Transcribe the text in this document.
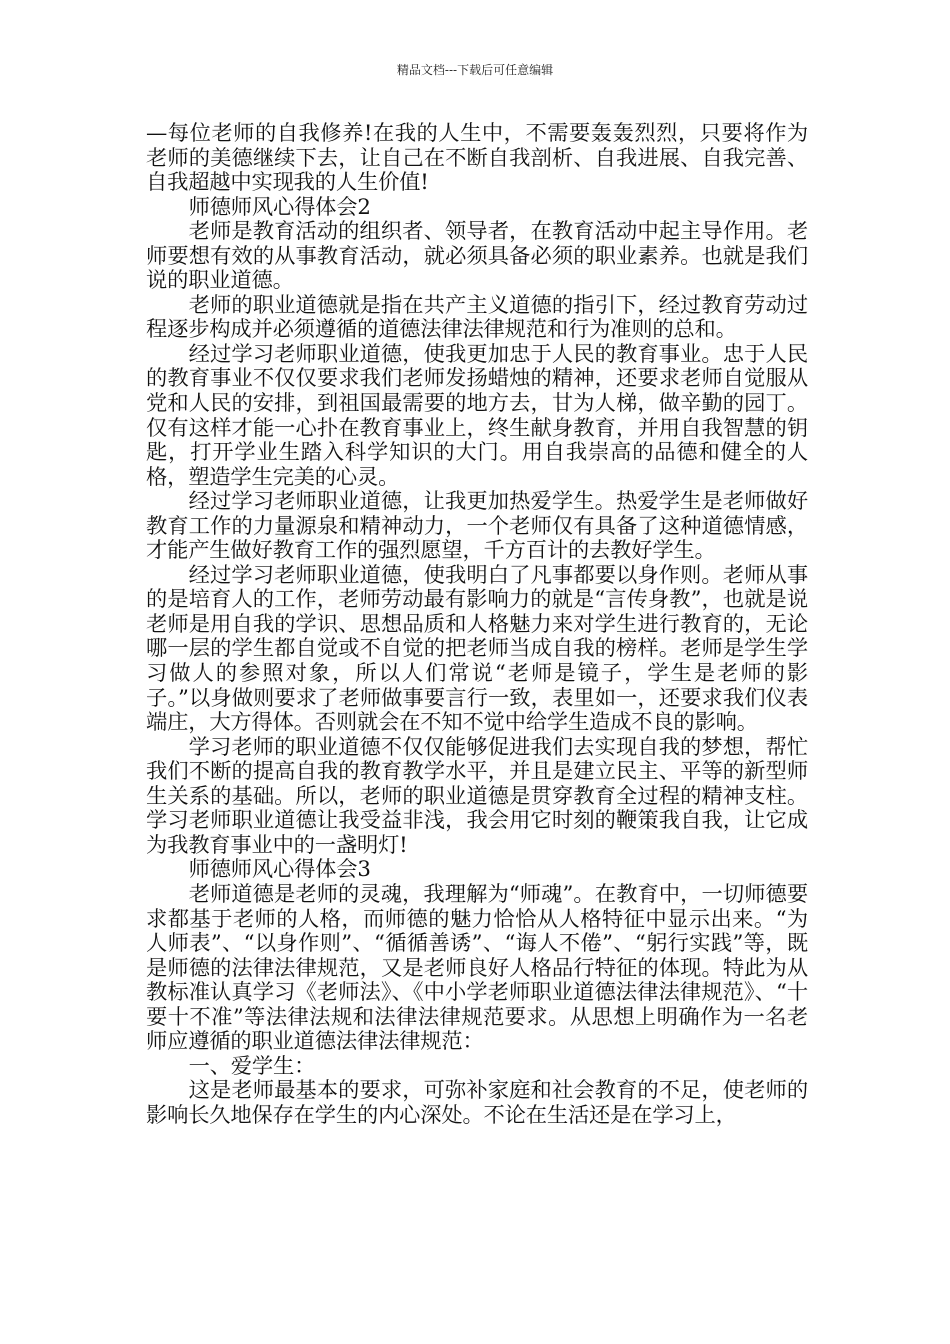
精品文档---下载后可任意编辑

—每位老师的自我修养!在我的人生中，不需要轰轰烈烈，只要将作为老师的美德继续下去，让自己在不断自我剖析、自我进展、自我完善、自我超越中实现我的人生价值!

师德师风心得体会2

老师是教育活动的组织者、领导者，在教育活动中起主导作用。老师要想有效的从事教育活动，就必须具备必须的职业素养。也就是我们说的职业道德。

老师的职业道德就是指在共产主义道德的指引下，经过教育劳动过程逐步构成并必须遵循的道德法律法律规范和行为准则的总和。

经过学习老师职业道德，使我更加忠于人民的教育事业。忠于人民的教育事业不仅仅要求我们老师发扬蜡烛的精神，还要求老师自觉服从党和人民的安排，到祖国最需要的地方去，甘为人梯，做辛勤的园丁。仅有这样才能一心扑在教育事业上，终生献身教育，并用自我智慧的钥匙，打开学业生踏入科学知识的大门。用自我崇高的品德和健全的人格，塑造学生完美的心灵。

经过学习老师职业道德，让我更加热爱学生。热爱学生是老师做好教育工作的力量源泉和精神动力，一个老师仅有具备了这种道德情感，才能产生做好教育工作的强烈愿望，千方百计的去教好学生。

经过学习老师职业道德，使我明白了凡事都要以身作则。老师从事的是培育人的工作，老师劳动最有影响力的就是“言传身教”，也就是说老师是用自我的学识、思想品质和人格魅力来对学生进行教育的，无论哪一层的学生都自觉或不自觉的把老师当成自我的榜样。老师是学生学习做人的参照对象，所以人们常说“老师是镜子，学生是老师的影子。”以身做则要求了老师做事要言行一致，表里如一，还要求我们仪表端庄，大方得体。否则就会在不知不觉中给学生造成不良的影响。

学习老师的职业道德不仅仅能够促进我们去实现自我的梦想，帮忙我们不断的提高自我的教育教学水平，并且是建立民主、平等的新型师生关系的基础。所以，老师的职业道德是贯穿教育全过程的精神支柱。学习老师职业道德让我受益非浅，我会用它时刻的鞭策我自我，让它成为我教育事业中的一盏明灯!

师德师风心得体会3

老师道德是老师的灵魂，我理解为“师魂”。在教育中，一切师德要求都基于老师的人格，而师德的魅力恰恰从人格特征中显示出来。“为人师表”、“以身作则”、“循循善诱”、“诲人不倦”、“躬行实践”等，既是师德的法律法律规范，又是老师良好人格品行特征的体现。特此为从教标准认真学习《老师法》、《中小学老师职业道德法律法律规范》、“十要十不准”等法律法规和法律法律规范要求。从思想上明确作为一名老师应遵循的职业道德法律法律规范：

一、爱学生：

这是老师最基本的要求，可弥补家庭和社会教育的不足，使老师的影响长久地保存在学生的内心深处。不论在生活还是在学习上，
